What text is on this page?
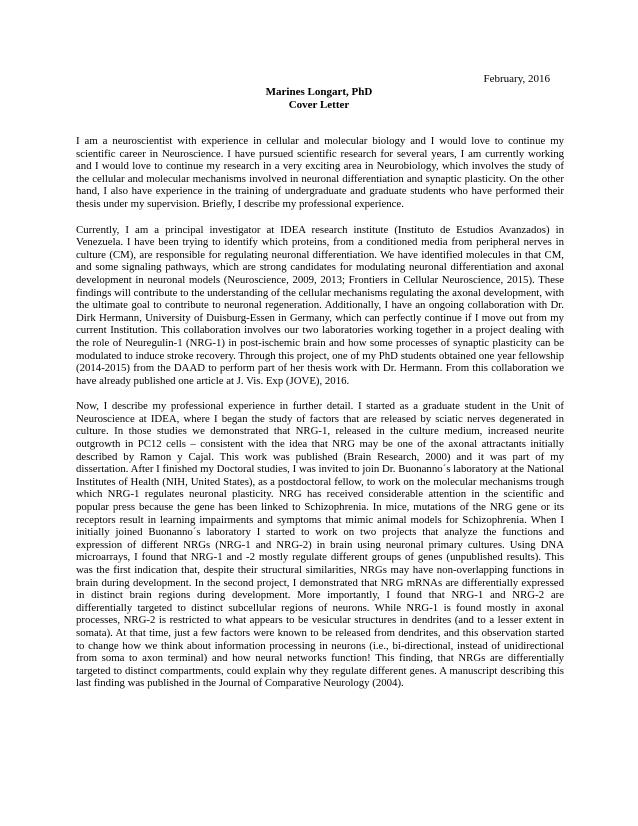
February, 2016
Marines Longart, PhD
Cover Letter

I am a neuroscientist with experience in cellular and molecular biology and I would love to continue my scientific career in Neuroscience. I have pursued scientific research for several years, I am currently working and I would love to continue my research in a very exciting area in Neurobiology, which involves the study of the cellular and molecular mechanisms involved in neuronal differentiation and synaptic plasticity. On the other hand, I also have experience in the training of undergraduate and graduate students who have performed their thesis under my supervision. Briefly, I describe my professional experience.

Currently, I am a principal investigator at IDEA research institute (Instituto de Estudios Avanzados) in Venezuela. I have been trying to identify which proteins, from a conditioned media from peripheral nerves in culture (CM), are responsible for regulating neuronal differentiation. We have identified molecules in that CM, and some signaling pathways, which are strong candidates for modulating neuronal differentiation and axonal development in neuronal models (Neuroscience, 2009, 2013; Frontiers in Cellular Neuroscience, 2015). These findings will contribute to the understanding of the cellular mechanisms regulating the axonal development, with the ultimate goal to contribute to neuronal regeneration. Additionally, I have an ongoing collaboration with Dr. Dirk Hermann, University of Duisburg-Essen in Germany, which can perfectly continue if I move out from my current Institution. This collaboration involves our two laboratories working together in a project dealing with the role of Neuregulin-1 (NRG-1) in post-ischemic brain and how some processes of synaptic plasticity can be modulated to induce stroke recovery. Through this project, one of my PhD students obtained one year fellowship (2014-2015) from the DAAD to perform part of her thesis work with Dr. Hermann. From this collaboration we have already published one article at J. Vis. Exp (JOVE), 2016.

Now, I describe my professional experience in further detail. I started as a graduate student in the Unit of Neuroscience at IDEA, where I began the study of factors that are released by sciatic nerves degenerated in culture. In those studies we demonstrated that NRG-1, released in the culture medium, increased neurite outgrowth in PC12 cells – consistent with the idea that NRG may be one of the axonal attractants initially described by Ramon y Cajal. This work was published (Brain Research, 2000) and it was part of my dissertation. After I finished my Doctoral studies, I was invited to join Dr. Buonanno´s laboratory at the National Institutes of Health (NIH, United States), as a postdoctoral fellow, to work on the molecular mechanisms trough which NRG-1 regulates neuronal plasticity. NRG has received considerable attention in the scientific and popular press because the gene has been linked to Schizophrenia. In mice, mutations of the NRG gene or its receptors result in learning impairments and symptoms that mimic animal models for Schizophrenia. When I initially joined Buonanno´s laboratory I started to work on two projects that analyze the functions and expression of different NRGs (NRG-1 and NRG-2) in brain using neuronal primary cultures. Using DNA microarrays, I found that NRG-1 and -2 mostly regulate different groups of genes (unpublished results). This was the first indication that, despite their structural similarities, NRGs may have non-overlapping functions in brain during development. In the second project, I demonstrated that NRG mRNAs are differentially expressed in distinct brain regions during development. More importantly, I found that NRG-1 and NRG-2 are differentially targeted to distinct subcellular regions of neurons. While NRG-1 is found mostly in axonal processes, NRG-2 is restricted to what appears to be vesicular structures in dendrites (and to a lesser extent in somata). At that time, just a few factors were known to be released from dendrites, and this observation started to change how we think about information processing in neurons (i.e., bi-directional, instead of unidirectional from soma to axon terminal) and how neural networks function! This finding, that NRGs are differentially targeted to distinct compartments, could explain why they regulate different genes. A manuscript describing this last finding was published in the Journal of Comparative Neurology (2004).
